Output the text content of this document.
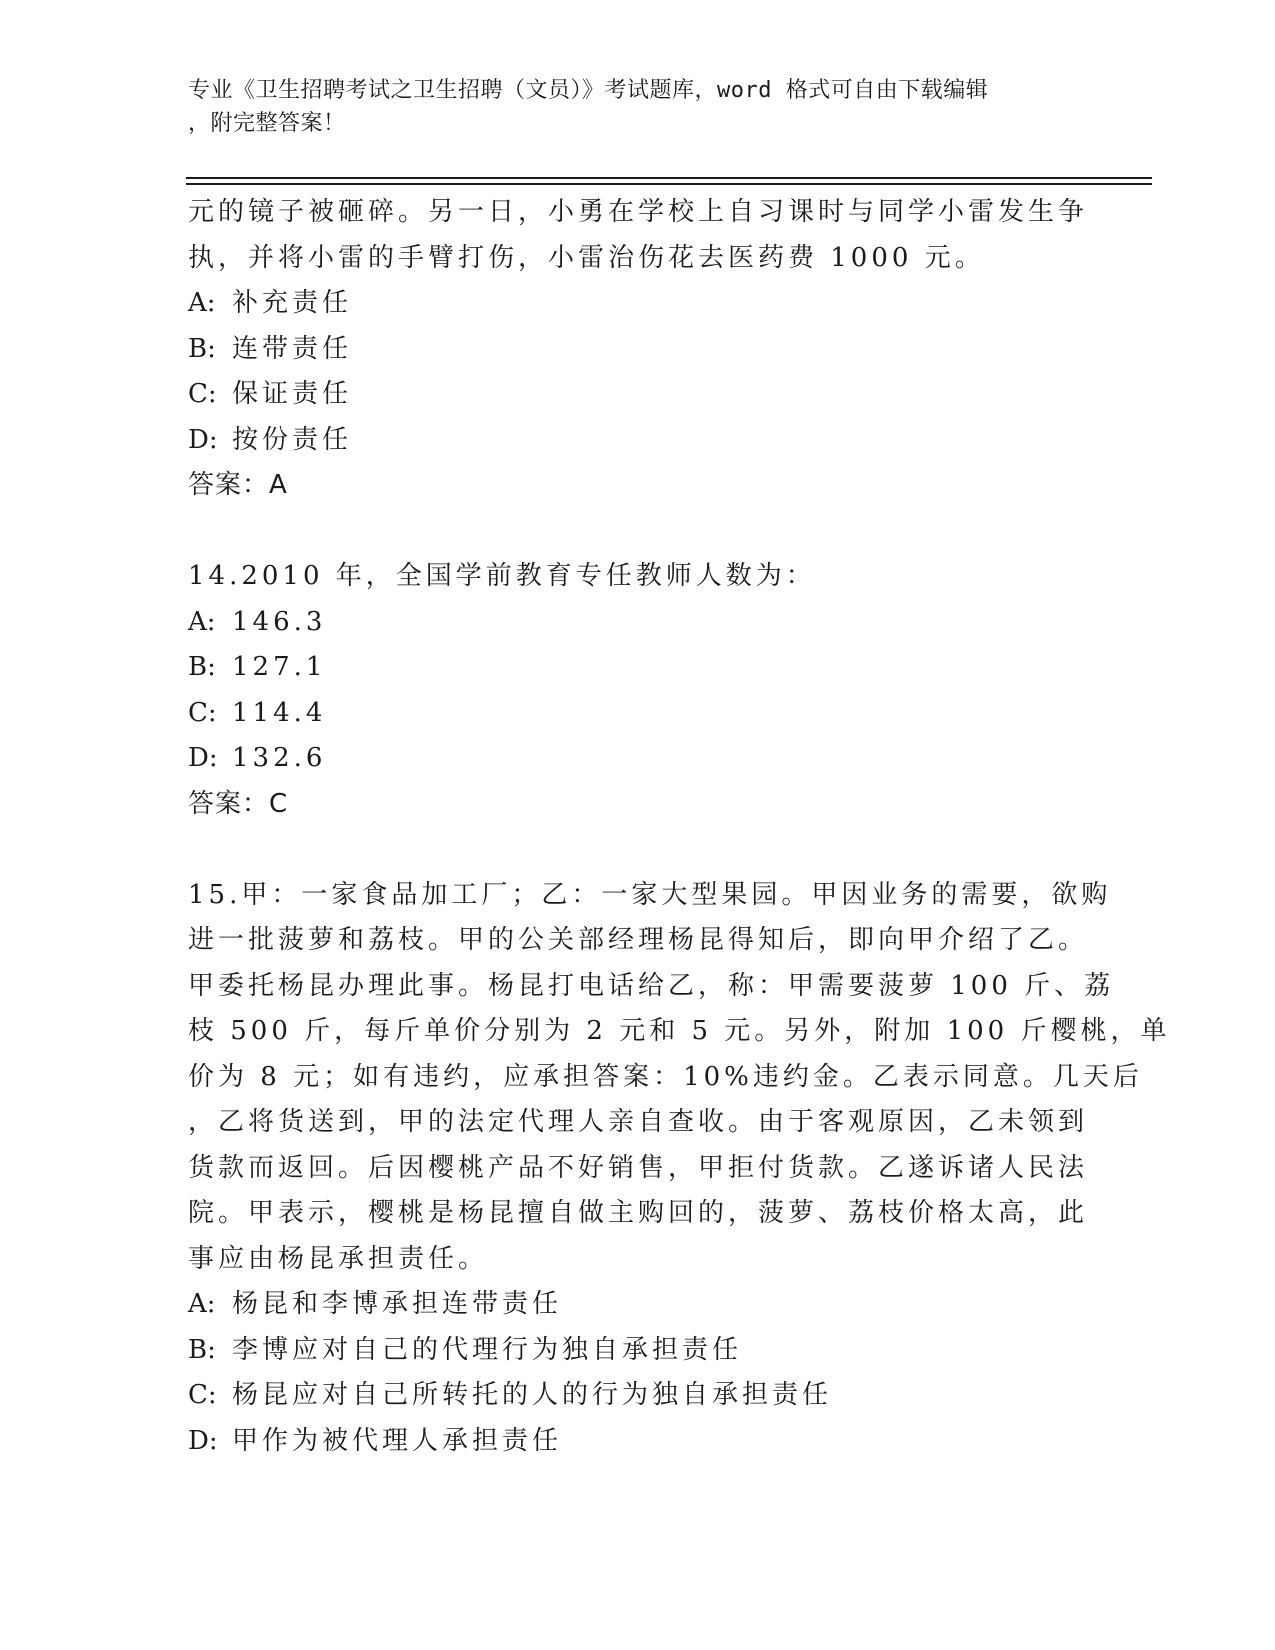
专业《卫生招聘考试之卫生招聘（文员）》考试题库，word 格式可自由下载编辑
，附完整答案！
元的镜子被砸碎。另一日，小勇在学校上自习课时与同学小雷发生争
执，并将小雷的手臂打伤，小雷治伤花去医药费 1000 元。
A: 补充责任
B: 连带责任
C: 保证责任
D: 按份责任
答案：A
14.2010 年，全国学前教育专任教师人数为：
A: 146.3
B: 127.1
C: 114.4
D: 132.6
答案：C
15.甲：一家食品加工厂；乙：一家大型果园。甲因业务的需要，欲购
进一批菠萝和荔枝。甲的公关部经理杨昆得知后，即向甲介绍了乙。
甲委托杨昆办理此事。杨昆打电话给乙，称：甲需要菠萝 100 斤、荔
枝 500 斤，每斤单价分别为 2 元和 5 元。另外，附加 100 斤樱桃，单
价为 8 元；如有违约，应承担答案：10%违约金。乙表示同意。几天后
，乙将货送到，甲的法定代理人亲自查收。由于客观原因，乙未领到
货款而返回。后因樱桃产品不好销售，甲拒付货款。乙遂诉诸人民法
院。甲表示，樱桃是杨昆擅自做主购回的，菠萝、荔枝价格太高，此
事应由杨昆承担责任。
A: 杨昆和李博承担连带责任
B: 李博应对自己的代理行为独自承担责任
C: 杨昆应对自己所转托的人的行为独自承担责任
D: 甲作为被代理人承担责任
